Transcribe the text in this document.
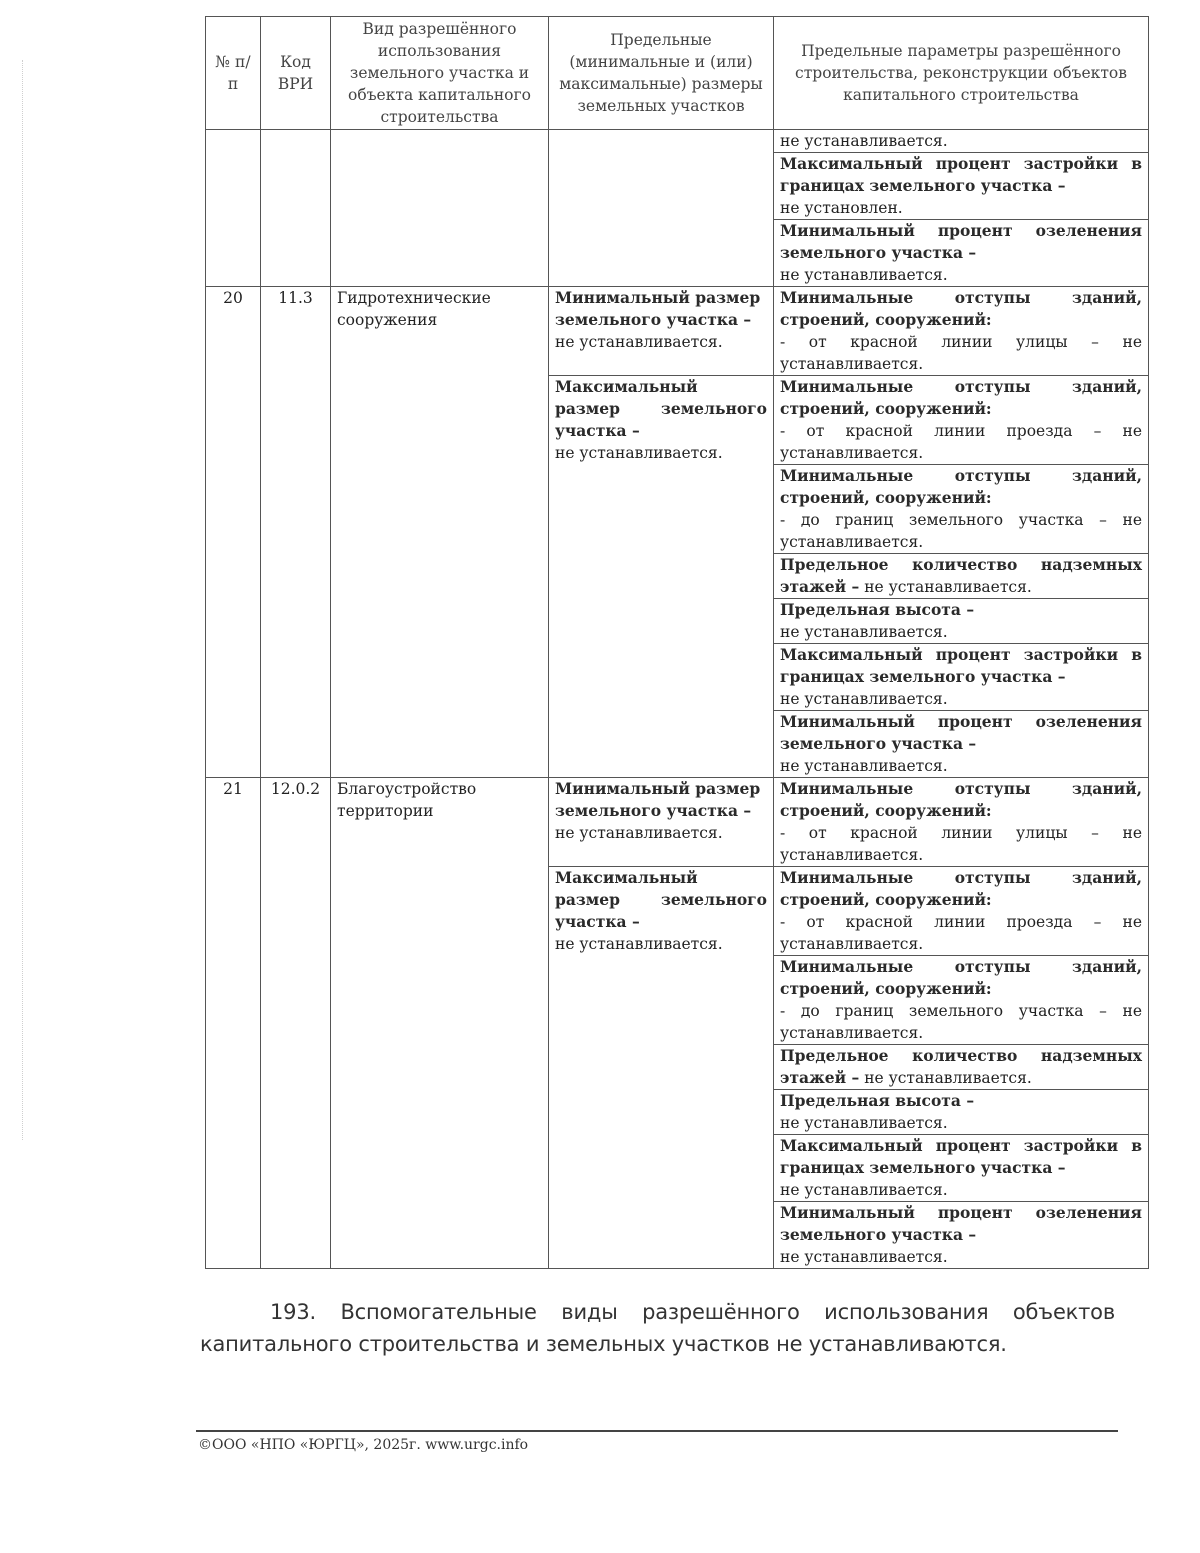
№ п/п	Код ВРИ	Вид разрешённого использования земельного участка и объекта капитального строительства	Предельные (минимальные и (или) максимальные) размеры земельных участков	Предельные параметры разрешённого строительства, реконструкции объектов капитального строительства
				не устанавливается.
				Максимальный процент застройки в границах земельного участка –
не установлен.
				Минимальный процент озеленения земельного участка –
не устанавливается.
20	11.3	Гидротехнические сооружения	Минимальный размер земельного участка –
не устанавливается.	Минимальные отступы зданий, строений, сооружений:
- от красной линии улицы – не устанавливается.
			Максимальный размер земельного участка –
не устанавливается.	Минимальные отступы зданий, строений, сооружений:
- от красной линии проезда – не устанавливается.
				Минимальные отступы зданий, строений, сооружений:
- до границ земельного участка – не устанавливается.
				Предельное количество надземных этажей – не устанавливается.
				Предельная высота –
не устанавливается.
				Максимальный процент застройки в границах земельного участка –
не устанавливается.
				Минимальный процент озеленения земельного участка –
не устанавливается.
21	12.0.2	Благоустройство территории	Минимальный размер земельного участка –
не устанавливается.	Минимальные отступы зданий, строений, сооружений:
- от красной линии улицы – не устанавливается.
			Максимальный размер земельного участка –
не устанавливается.	Минимальные отступы зданий, строений, сооружений:
- от красной линии проезда – не устанавливается.
				Минимальные отступы зданий, строений, сооружений:
- до границ земельного участка – не устанавливается.
				Предельное количество надземных этажей – не устанавливается.
				Предельная высота –
не устанавливается.
				Максимальный процент застройки в границах земельного участка –
не устанавливается.
				Минимальный процент озеленения земельного участка –
не устанавливается.
193. Вспомогательные виды разрешённого использования объектов капитального строительства и земельных участков не устанавливаются.
©ООО «НПО «ЮРГЦ», 2025г. www.urgc.info
